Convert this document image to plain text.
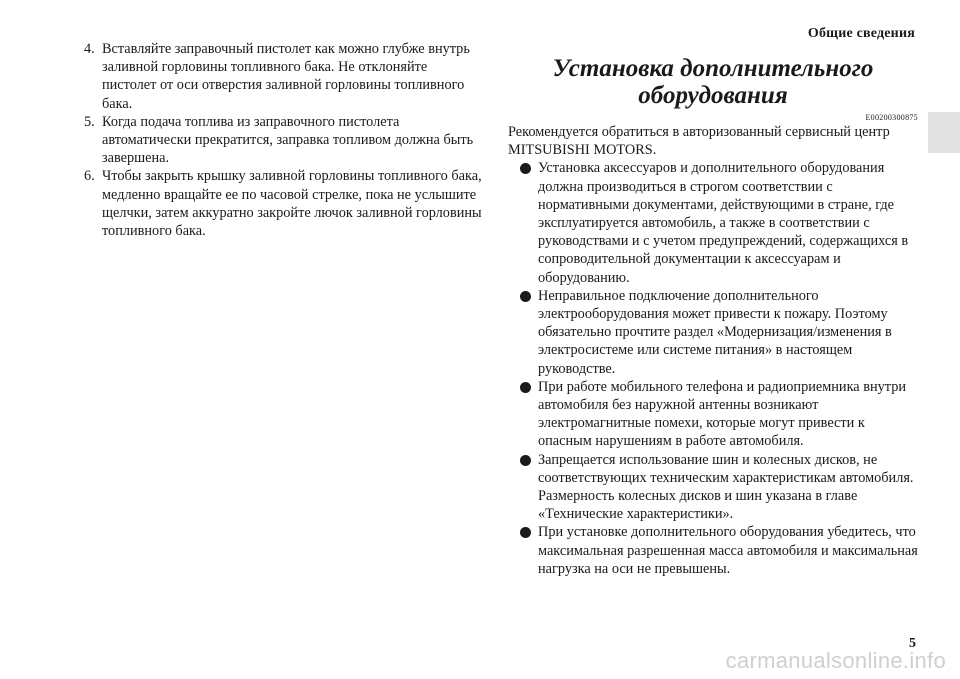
Общие сведения
4. Вставляйте заправочный пистолет как можно глубже внутрь заливной горловины топливного бака. Не отклоняйте пистолет от оси отверстия заливной горловины топливного бака.
5. Когда подача топлива из заправочного пистолета автоматически прекратится, заправка топливом должна быть завершена.
6. Чтобы закрыть крышку заливной горловины топливного бака, медленно вращайте ее по часовой стрелке, пока не услышите щелчки, затем аккуратно закройте лючок заливной горловины топливного бака.
Установка дополнительного
оборудования
E00200300875
Рекомендуется обратиться в авторизованный сервисный центр MITSUBISHI MOTORS.
Установка аксессуаров и дополнительного оборудования должна производиться в строгом соответствии с нормативными документами, действующими в стране, где эксплуатируется автомобиль, а также в соответствии с руководствами и с учетом предупреждений, содержащихся в сопроводительной документации к аксессуарам и оборудованию.
Неправильное подключение дополнительного электрооборудования может привести к пожару. Поэтому обязательно прочтите раздел «Модернизация/изменения в электросистеме или системе питания» в настоящем руководстве.
При работе мобильного телефона и радиоприемника внутри автомобиля без наружной антенны возникают электромагнитные помехи, которые могут привести к опасным нарушениям в работе автомобиля.
Запрещается использование шин и колесных дисков, не соответствующих техническим характеристикам автомобиля. Размерность колесных дисков и шин указана в главе «Технические характеристики».
При установке дополнительного оборудования убедитесь, что максимальная разрешенная масса автомобиля и максимальная нагрузка на оси не превышены.
5
carmanualsonline.info
